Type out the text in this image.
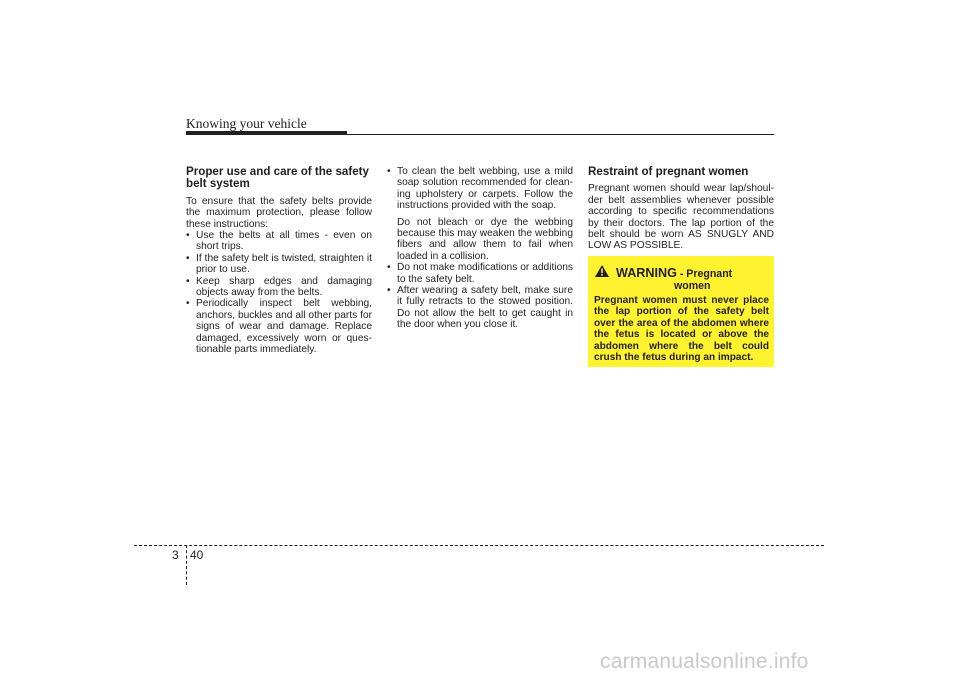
Knowing your vehicle
Proper use and care of the safety belt system

To ensure that the safety belts provide the maximum protection, please follow these instructions:

• Use the belts at all times - even on short trips.
• If the safety belt is twisted, straighten it prior to use.
• Keep sharp edges and damaging objects away from the belts.
• Periodically inspect belt webbing, anchors, buckles and all other parts for signs of wear and damage. Replace damaged, excessively worn or ques-tionable parts immediately.
• To clean the belt webbing, use a mild soap solution recommended for clean-ing upholstery or carpets. Follow the instructions provided with the soap.
Do not bleach or dye the webbing because this may weaken the webbing fibers and allow them to fail when loaded in a collision.
• Do not make modifications or additions to the safety belt.
• After wearing a safety belt, make sure it fully retracts to the stowed position. Do not allow the belt to get caught in the door when you close it.
Restraint of pregnant women

Pregnant women should wear lap/shoul-der belt assemblies whenever possible according to specific recommendations by their doctors. The lap portion of the belt should be worn AS SNUGLY AND LOW AS POSSIBLE.

WARNING - Pregnant
women
Pregnant women must never place the lap portion of the safety belt over the area of the abdomen where the fetus is located or above the abdomen where the belt could crush the fetus during an impact.
3 40
carmanualsonline.info
